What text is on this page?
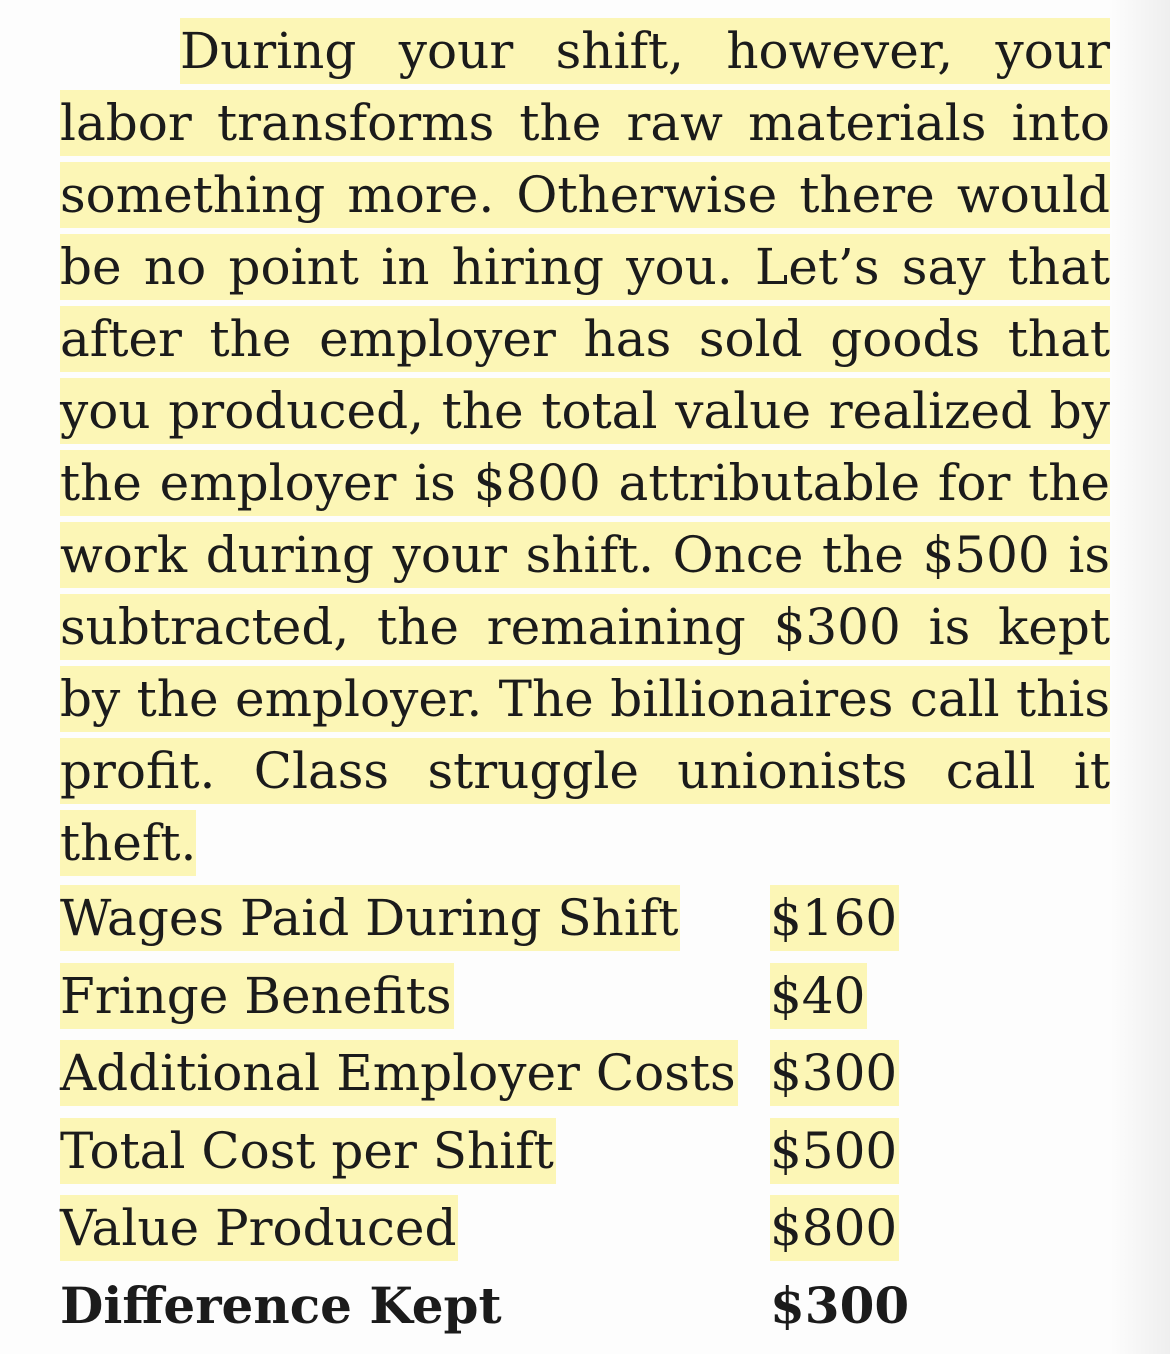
During your shift, however, your
labor transforms the raw materials into
something more. Otherwise there would
be no point in hiring you. Let’s say that
after the employer has sold goods that
you produced, the total value realized by
the employer is $800 attributable for the
work during your shift. Once the $500 is
subtracted, the remaining $300 is kept
by the employer. The billionaires call this
profit. Class struggle unionists call it
theft.
Wages Paid During Shift $160
Fringe Benefits	$40
Additional Employer Costs $300
Total Cost per Shift	$500
Value Produced	$800
Difference Kept	$300
